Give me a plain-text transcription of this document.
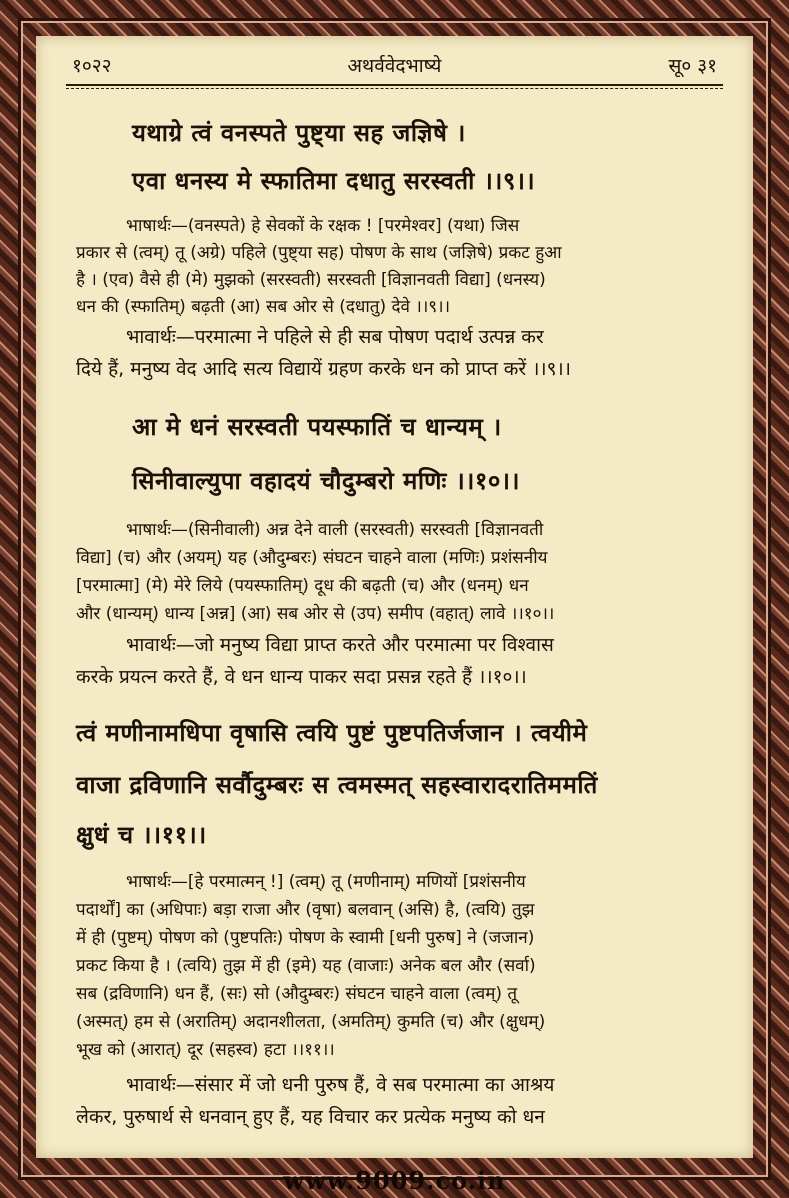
१०२२	अथर्ववेदभाष्ये	सू० ३१
यथाग्रे त्वं वनस्पते पुष्ट्या सह जज्ञिषे ।
एवा धनस्य मे स्फातिमा दधातु सरस्वती ।।९।।
भाषार्थः—(वनस्पते) हे सेवकों के रक्षक ! [परमेश्वर] (यथा) जिस
प्रकार से (त्वम्) तू (अग्रे) पहिले (पुष्ट्या सह) पोषण के साथ (जज्ञिषे) प्रकट हुआ
है । (एव) वैसे ही (मे) मुझको (सरस्वती) सरस्वती [विज्ञानवती विद्या] (धनस्य)
धन की (स्फातिम्) बढ़ती (आ) सब ओर से (दधातु) देवे ।।९।।
भावार्थः—परमात्मा ने पहिले से ही सब पोषण पदार्थ उत्पन्न कर
दिये हैं, मनुष्य वेद आदि सत्य विद्यायें ग्रहण करके धन को प्राप्त करें ।।९।।
आ मे धनं सरस्वती पयस्फातिं च धान्यम् ।
सिनीवाल्युपा वहादयं चौदुम्बरो मणिः ।।१०।।
भाषार्थः—(सिनीवाली) अन्न देने वाली (सरस्वती) सरस्वती [विज्ञानवती
विद्या] (च) और (अयम्) यह (औदुम्बरः) संघटन चाहने वाला (मणिः) प्रशंसनीय
[परमात्मा] (मे) मेरे लिये (पयस्फातिम्) दूध की बढ़ती (च) और (धनम्) धन
और (धान्यम्) धान्य [अन्न] (आ) सब ओर से (उप) समीप (वहात्) लावे ।।१०।।
भावार्थः—जो मनुष्य विद्या प्राप्त करते और परमात्मा पर विश्वास
करके प्रयत्न करते हैं, वे धन धान्य पाकर सदा प्रसन्न रहते हैं ।।१०।।
त्वं मणीनामधिपा वृषासि त्वयि पुष्टं पुष्टपतिर्जजान । त्वयीमे
वाजा द्रविणानि सर्वौदुम्बरः स त्वमस्मत् सहस्वारादरातिममतिं
क्षुधं च ।।११।।
भाषार्थः—[हे परमात्मन् !] (त्वम्) तू (मणीनाम्) मणियों [प्रशंसनीय
पदार्थों] का (अधिपाः) बड़ा राजा और (वृषा) बलवान् (असि) है, (त्वयि) तुझ
में ही (पुष्टम्) पोषण को (पुष्टपतिः) पोषण के स्वामी [धनी पुरुष] ने (जजान)
प्रकट किया है । (त्वयि) तुझ में ही (इमे) यह (वाजाः) अनेक बल और (सर्वा)
सब (द्रविणानि) धन हैं, (सः) सो (औदुम्बरः) संघटन चाहने वाला (त्वम्) तू
(अस्मत्) हम से (अरातिम्) अदानशीलता, (अमतिम्) कुमति (च) और (क्षुधम्)
भूख को (आरात्) दूर (सहस्व) हटा ।।११।।
भावार्थः—संसार में जो धनी पुरुष हैं, वे सब परमात्मा का आश्रय
लेकर, पुरुषार्थ से धनवान् हुए हैं, यह विचार कर प्रत्येक मनुष्य को धन
www.9009.co.in
